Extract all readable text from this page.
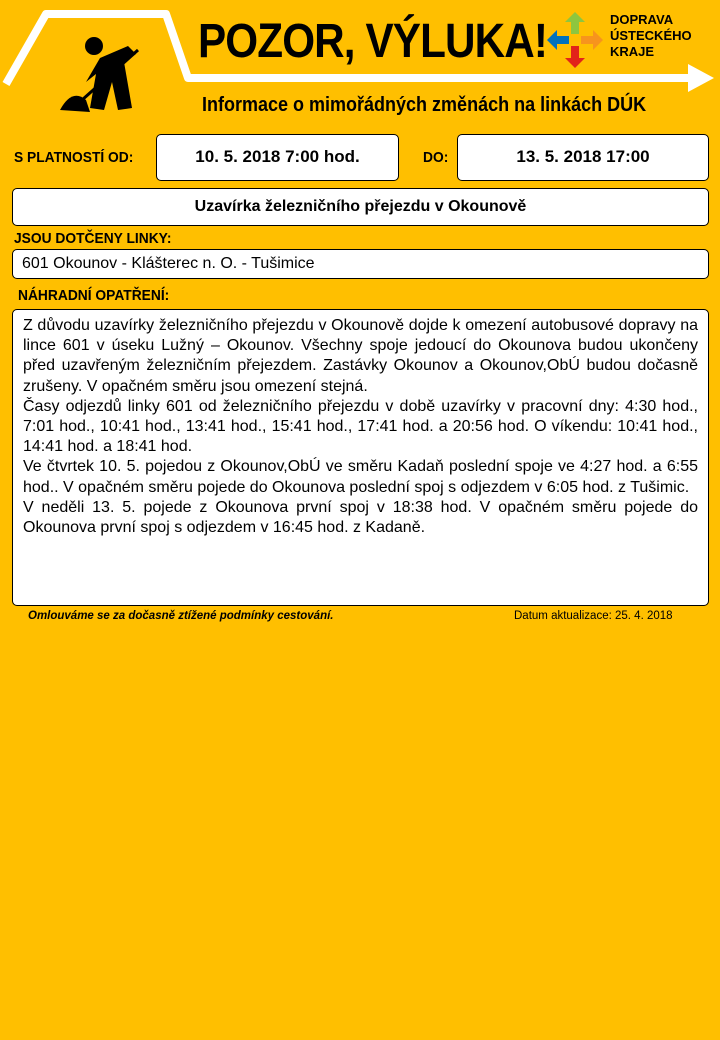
POZOR, VÝLUKA!
Informace o mimořádných změnách na linkách DÚK
DOPRAVA
ÚSTECKÉHO
KRAJE
S PLATNOSTÍ OD:	10. 5. 2018 7:00 hod.	DO:	13. 5. 2018 17:00
Uzavírka železničního přejezdu v Okounově
JSOU DOTČENY LINKY:
601 Okounov - Klášterec n. O. - Tušimice
NÁHRADNÍ OPATŘENÍ:

Z důvodu uzavírky železničního přejezdu v Okounově dojde k omezení autobusové dopravy na lince 601 v úseku Lužný – Okounov. Všechny spoje jedoucí do Okounova budou ukončeny před uzavřeným železničním přejezdem. Zastávky Okounov a Okounov,ObÚ budou dočasně zrušeny. V opačném směru jsou omezení stejná.

Časy odjezdů linky 601 od železničního přejezdu v době uzavírky v pracovní dny: 4:30 hod., 7:01 hod., 10:41 hod., 13:41 hod., 15:41 hod., 17:41 hod. a 20:56 hod. O víkendu: 10:41 hod., 14:41 hod. a 18:41 hod.

Ve čtvrtek 10. 5. pojedou z Okounov,ObÚ ve směru Kadaň poslední spoje ve 4:27 hod. a 6:55 hod.. V opačném směru pojede do Okounova poslední spoj s odjezdem v 6:05 hod. z Tušimic.

V neděli 13. 5. pojede z Okounova první spoj v 18:38 hod. V opačném směru pojede do Okounova první spoj s odjezdem v 16:45 hod. z Kadaně.

Omlouváme se za dočasně ztížené podmínky cestování.	Datum aktualizace: 25. 4. 2018
